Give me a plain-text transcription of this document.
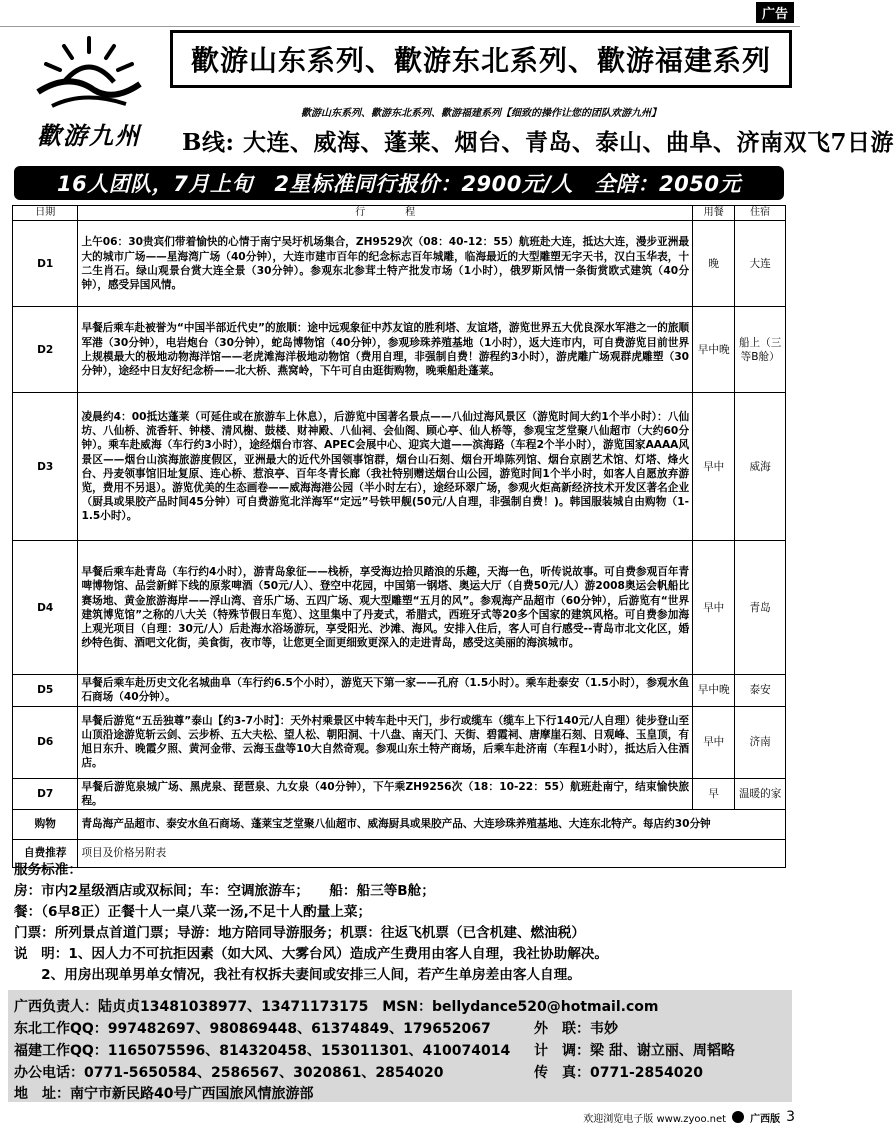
广告
歡游九州
歡游山东系列、歡游东北系列、歡游福建系列
歡游山东系列、歡游东北系列、歡游福建系列【细致的操作让您的团队欢游九州】
B线: 大连、威海、蓬莱、烟台、青岛、泰山、曲阜、济南双飞7日游
16人团队，7月上旬　2星标准同行报价：2900元/人　全陪：2050元
日期	行　　　　程	用餐	住宿
D1	上午06：30贵宾们带着愉快的心情于南宁吴圩机场集合，ZH9529次（08：40-12：55）航班赴大连，抵达大连，漫步亚洲最大的城市广场——星海湾广场（40分钟），大连市建市百年的纪念标志百年城雕，临海最近的大型雕塑无字天书，汉白玉华表，十二生肖石。绿山观景台赏大连全景（30分钟）。参观东北参茸土特产批发市场（1小时），俄罗斯风情一条街赏欧式建筑（40分钟），感受异国风情。	晚	大连
D2	早餐后乘车赴被誉为“中国半部近代史”的旅顺：途中远观象征中苏友谊的胜利塔、友谊塔，游览世界五大优良深水军港之一的旅顺军港（30分钟），电岩炮台（30分钟），蛇岛博物馆（40分钟），参观珍珠养殖基地（1小时），返大连市内，可自费游览目前世界上规模最大的极地动物海洋馆——老虎滩海洋极地动物馆（费用自理，非强制自费！游程约3小时），游虎雕广场观群虎雕塑（30分钟），途经中日友好纪念桥——北大桥、燕窝岭，下午可自由逛街购物，晚乘船赴蓬莱。	早中晚	船上（三等B舱）
D3	凌晨约4：00抵达蓬莱（可延住或在旅游车上休息），后游览中国著名景点——八仙过海风景区（游览时间大约1个半小时）：八仙坊、八仙桥、流香轩、钟楼、清风榭、鼓楼、财神殿、八仙祠、会仙阁、顾心亭、仙人桥等，参观宝芝堂聚八仙超市（大约60分钟）。乘车赴威海（车行约3小时），途经烟台市容、APEC会展中心、迎宾大道——滨海路（车程2个半小时），游览国家AAAA风景区——烟台山滨海旅游度假区，亚洲最大的近代外国领事馆群，烟台山石刻、烟台开埠陈列馆、烟台京剧艺术馆、灯塔、烽火台、丹麦领事馆旧址复原、连心桥、惹浪亭、百年冬青长廊（我社特别赠送烟台山公园，游览时间1个半小时，如客人自愿放弃游览，费用不另退）。游览优美的生态画卷——威海海港公园（半小时左右），途经环翠广场，参观火炬高新经济技术开发区著名企业（厨具或果胶产品时间45分钟）可自费游览北洋海军“定远”号铁甲舰(50元/人自理，非强制自费！)。韩国服装城自由购物（1-1.5小时）。	早中	威海
D4	早餐后乘车赴青岛（车行约4小时），游青岛象征——栈桥，享受海边拾贝踏浪的乐趣，天海一色，听传说故事。可自费参观百年青啤博物馆、品尝新鲜下线的原浆啤酒（50元/人）、登空中花园，中国第一钢塔、奥运大厅（自费50元/人）游2008奥运会帆船比赛场地、黄金旅游海岸——浮山湾、音乐广场、五四广场、观大型雕塑“五月的风”。参观海产品超市（60分钟），后游览有“世界建筑博览馆”之称的八大关（特殊节假日车览）、这里集中了丹麦式，希腊式，西班牙式等20多个国家的建筑风格。可自费参加海上观光项目（自理：30元/人）后赴海水浴场游玩，享受阳光、沙滩、海风。安排入住后，客人可自行感受--青岛市北文化区，婚纱特色街、酒吧文化街，美食街，夜市等，让您更全面更细致更深入的走进青岛，感受这美丽的海滨城市。	早中	青岛
D5	早餐后乘车赴历史文化名城曲阜（车行约6.5个小时），游览天下第一家——孔府（1.5小时）。乘车赴泰安（1.5小时），参观水鱼石商场（40分钟）。	早中晚	泰安
D6	早餐后游览“五岳独尊”泰山【约3-7小时】：天外村乘景区中转车赴中天门，步行或缆车（缆车上下行140元/人自理）徒步登山至山顶沿途游览斩云剑、云步桥、五大夫松、望人松、朝阳洞、十八盘、南天门、天街、碧霞祠、唐摩崖石刻、日观峰、玉皇顶，有旭日东升、晚霞夕照、黄河金带、云海玉盘等10大自然奇观。参观山东土特产商场，后乘车赴济南（车程1小时），抵达后入住酒店。	早中	济南
D7	早餐后游览泉城广场、黑虎泉、琵琶泉、九女泉（40分钟），下午乘ZH9256次（18：10-22：55）航班赴南宁，结束愉快旅程。	早	温暖的家
购物	青岛海产品超市、泰安水鱼石商场、蓬莱宝芝堂聚八仙超市、威海厨具或果胶产品、大连珍珠养殖基地、大连东北特产。每店约30分钟		
自费推荐	项目及价格另附表		
服务标准：
房：市内2星级酒店或双标间；车：空调旅游车；　　船：船三等B舱；
餐：（6早8正）正餐十人一桌八菜一汤,不足十人酌量上菜；
门票：所列景点首道门票；导游：地方陪同导游服务；机票：往返飞机票（已含机建、燃油税）
说　明：1、因人力不可抗拒因素（如大风、大雾台风）造成产生费用由客人自理，我社协助解决。
　　2、用房出现单男单女情况，我社有权拆夫妻间或安排三人间，若产生单房差由客人自理。
广西负责人：陆贞贞13481038977、13471173175　MSN：bellydance520@hotmail.com
东北工作QQ：997482697、980869448、61374849、179652067	外　联：韦妙
福建工作QQ：1165075596、814320458、153011301、410074014 计　调：梁 甜、谢立丽、周韬略
办公电话：0771-5650584、2586567、3020861、2854020	传　真：0771-2854020
地　址：南宁市新民路40号广西国旅风情旅游部
欢迎浏览电子版 www.zyoo.net 广西版 3
